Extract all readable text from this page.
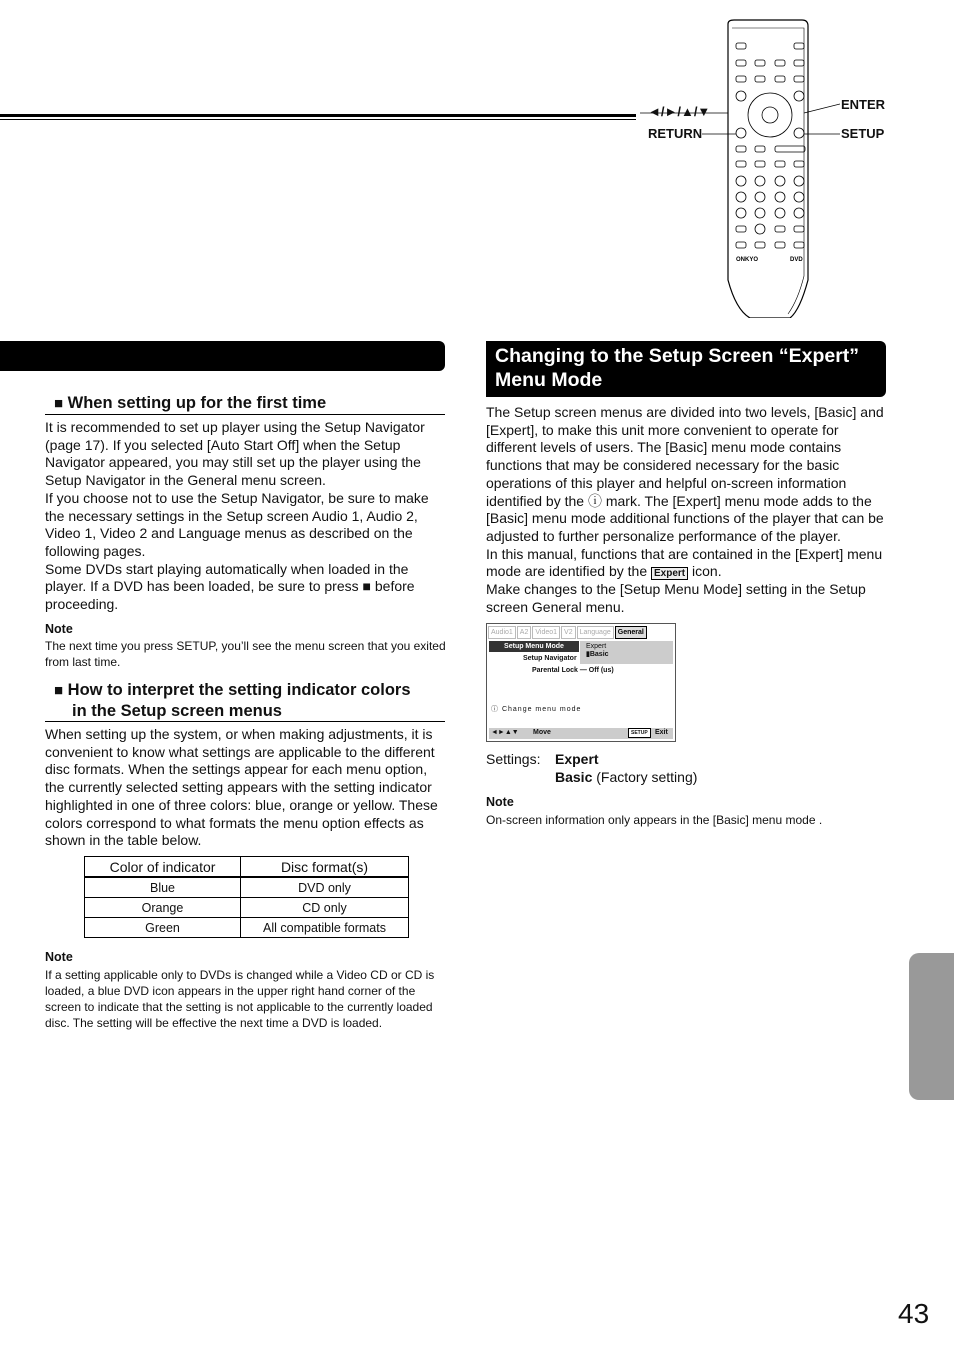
ONKYO	DVD
◄/►/▲/▼
RETURN
ENTER
SETUP
Changing to the Setup Screen “Expert”
Menu Mode
■ When setting up for the first time

It is recommended to set up player using the Setup Navigator (page 17). If you selected [Auto Start Off] when the Setup Navigator appeared, you may still set up the player using the Setup Navigator in the General menu screen.

If you choose not to use the Setup Navigator, be sure to make the necessary settings in the Setup screen Audio 1, Audio 2, Video 1, Video 2 and Language menus as described on the following pages.

Some DVDs start playing automatically when loaded in the player. If a DVD has been loaded, be sure to press ■ before proceeding.

Note
The next time you press SETUP, you’ll see the menu screen that you exited from last time.
■ How to interpret the setting indicator colors
in the Setup screen menus
When setting up the system, or when making adjustments, it is convenient to know what settings are applicable to the different disc formats. When the settings appear for each menu option, the currently selected setting appears with the setting indicator highlighted in one of three colors: blue, orange or yellow. These colors correspond to what formats the menu option effects as shown in the table below.
Color of indicator	Disc format(s)
Blue	DVD only
Orange	CD only
Green	All compatible formats
Note
If a setting applicable only to DVDs is changed while a Video CD or CD is loaded, a blue DVD icon appears in the upper right hand corner of the screen to indicate that the setting is not applicable to the currently loaded disc. The setting will be effective the next time a DVD is loaded.

The Setup screen menus are divided into two levels, [Basic] and [Expert], to make this unit more convenient to operate for different levels of users. The [Basic] menu mode contains functions that may be considered necessary for the basic operations of this player and helpful on-screen information identified by the ⓘ mark. The [Expert] menu mode adds to the [Basic] menu mode additional functions of the player that can be adjusted to further personalize performance of the player.

In this manual, functions that are contained in the [Expert] menu mode are identified by the Expert icon.

Make changes to the [Setup Menu Mode] setting in the Setup screen General menu.

Audio1	A2	Video1	V2	Language	General
Setup Menu Mode	Expert
▮Basic
Setup Navigator
Parental Lock — Off (us)
ⓘ Change menu mode
◄►▲▼ Move	SETUP	Exit
Settings: Expert
Basic (Factory setting)
Note
On-screen information only appears in the [Basic] menu mode .
43
